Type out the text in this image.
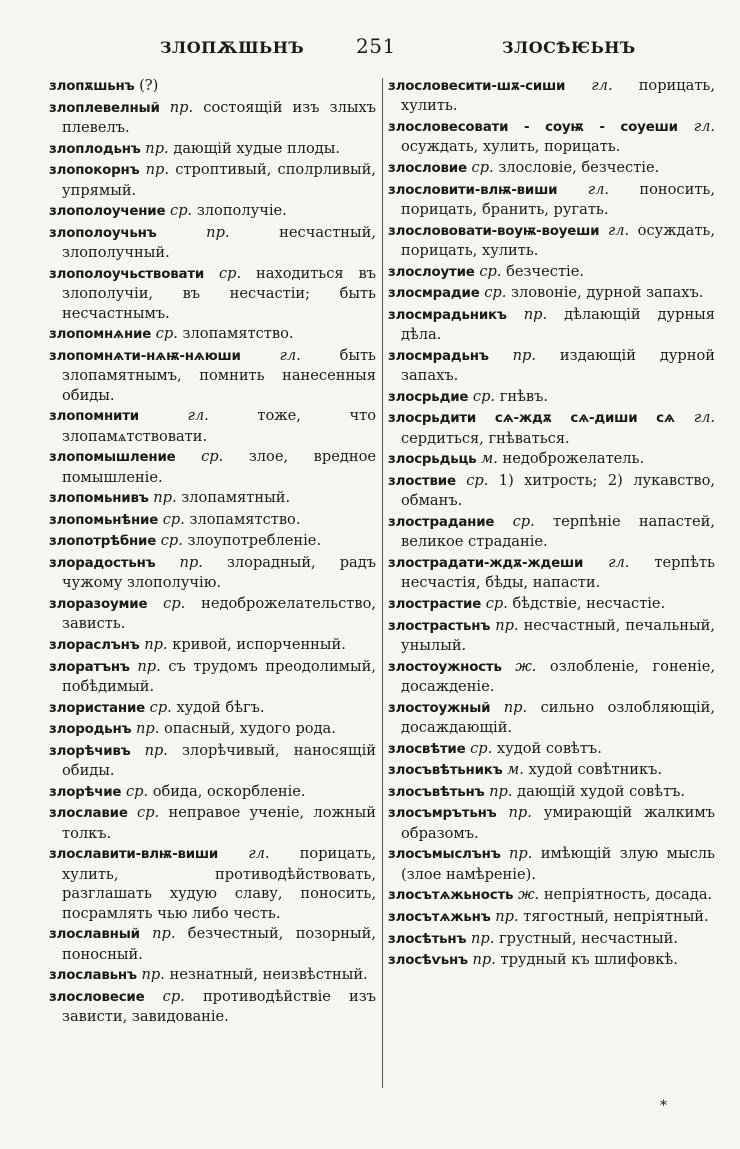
ЗЛОПѪШЬНЪ	251	ЗЛОСѢѤЬНЪ

злопѫшьнъ (?)

злоплевелный пр. состоящій изъ злыхъ плевелъ.

злоплодьнъ пр. дающій худые плоды.

злопокорнъ пр. строптивый, сполрливый, упрямый.

злополоучение ср. злополучіе.

злополоучьнъ	пр.	несчастный, злополучный.

злополоучьствовати ср. находиться въ злополучіи, въ несчастіи; быть несчастнымъ.

злопомнѧние ср. злопамятство.

злопомнѧти-нѧѭ-нѧюши	гл.	быть злопамятнымъ, помнить нанесенныя обиды.

злопомнити	гл.	тоже, что злопамѧтствовати.

злопомышление ср. злое, вредное помышленіе.

злопомьнивъ пр. злопамятный.

злопомьнѣние ср. злопамятство.

злопотрѣбние ср. злоупотребленіе.

злорадостьнъ пр. злорадный, радъ чужому злополучію.

злоразоумие ср. недоброжелательство, зависть.

злораслънъ пр. кривой, испорченный.

злоратънъ пр. съ трудомъ преодолимый, побѣдимый.

злористание ср. худой бѣгъ.

злородьнъ пр. опасный, худого рода.

злорѣчивъ пр. злорѣчивый, наносящій обиды.

злорѣчие ср. обида, оскорбленіе.

злославие ср. неправое ученіе, ложный толкъ.

злославити-влѭ-виши гл. порицать, хулить, противодѣйствовать, разглашать худую славу, поносить, посрамлять чью либо честь.

злославный пр. безчестный, позорный, поносный.

злославьнъ пр. незнатный, неизвѣстный.

злословесие ср. противодѣйствіе изъ зависти, завидованіе.

злословесити-шѫ-сиши гл. порицать, хулить.

злословесовати - соуѭ - соуеши гл. осуждать, хулить, порицать.

злословие ср. злословіе, безчестіе.

злословити-влѭ-виши гл. поносить, порицать, бранить, ругать.

злослововати-воуѭ-воуеши гл. осуждать, порицать, хулить.

злослоутие ср. безчестіе.

злосмрадие ср. зловоніе, дурной запахъ.

злосмрадьникъ пр. дѣлающій дурныя дѣла.

злосмрадьнъ пр. издающій дурной запахъ.

злосрьдие ср. гнѣвъ.

злосрьдити сѧ-ждѫ сѧ-диши сѧ гл. сердиться, гнѣваться.

злосрьдьць м. недоброжелатель.

злоствие ср. 1) хитрость; 2) лукавство, обманъ.

злострадание ср. терпѣніе напастей, великое страданіе.

злострадати-ждѫ-ждеши гл. терпѣть несчастія, бѣды, напасти.

злострастие ср. бѣдствіе, несчастіе.

злострастьнъ пр. несчастный, печальный, унылый.

злостоужность ж. озлобленіе, гоненіе, досажденіе.

злостоужный пр. сильно озлобляющій, досаждающій.

злосвѣтие ср. худой совѣтъ.

злосъвѣтьникъ м. худой совѣтникъ.

злосъвѣтьнъ пр. дающій худой совѣтъ.

злосъмрътьнъ пр. умирающій жалкимъ образомъ.

злосъмыслънъ пр. имѣющій злую мысль (злое намѣреніе).

злосътѧжьность ж. непріятность, досада.

злосътѧжьнъ пр. тягостный, непріятный.

злосѣтьнъ пр. грустный, несчастный.

злосѣѵьнъ пр. трудный къ шлифовкѣ.

*
